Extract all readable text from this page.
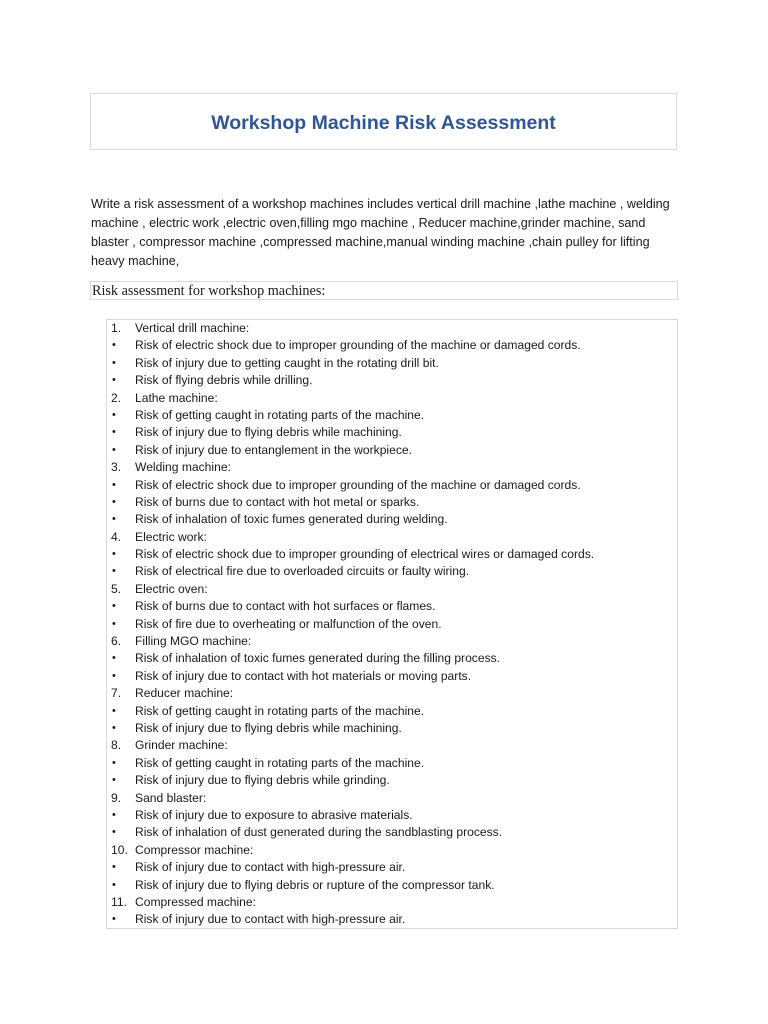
Workshop Machine Risk Assessment
Write a risk assessment of a workshop machines includes vertical drill machine ,lathe machine , welding machine , electric work ,electric oven,filling mgo machine , Reducer machine,grinder machine, sand blaster , compressor machine ,compressed machine,manual winding machine ,chain pulley for lifting heavy machine,
Risk assessment for workshop machines:
1. Vertical drill machine:
• Risk of electric shock due to improper grounding of the machine or damaged cords.
• Risk of injury due to getting caught in the rotating drill bit.
• Risk of flying debris while drilling.
2. Lathe machine:
• Risk of getting caught in rotating parts of the machine.
• Risk of injury due to flying debris while machining.
• Risk of injury due to entanglement in the workpiece.
3. Welding machine:
• Risk of electric shock due to improper grounding of the machine or damaged cords.
• Risk of burns due to contact with hot metal or sparks.
• Risk of inhalation of toxic fumes generated during welding.
4. Electric work:
• Risk of electric shock due to improper grounding of electrical wires or damaged cords.
• Risk of electrical fire due to overloaded circuits or faulty wiring.
5. Electric oven:
• Risk of burns due to contact with hot surfaces or flames.
• Risk of fire due to overheating or malfunction of the oven.
6. Filling MGO machine:
• Risk of inhalation of toxic fumes generated during the filling process.
• Risk of injury due to contact with hot materials or moving parts.
7. Reducer machine:
• Risk of getting caught in rotating parts of the machine.
• Risk of injury due to flying debris while machining.
8. Grinder machine:
• Risk of getting caught in rotating parts of the machine.
• Risk of injury due to flying debris while grinding.
9. Sand blaster:
• Risk of injury due to exposure to abrasive materials.
• Risk of inhalation of dust generated during the sandblasting process.
10. Compressor machine:
• Risk of injury due to contact with high-pressure air.
• Risk of injury due to flying debris or rupture of the compressor tank.
11. Compressed machine:
• Risk of injury due to contact with high-pressure air.
